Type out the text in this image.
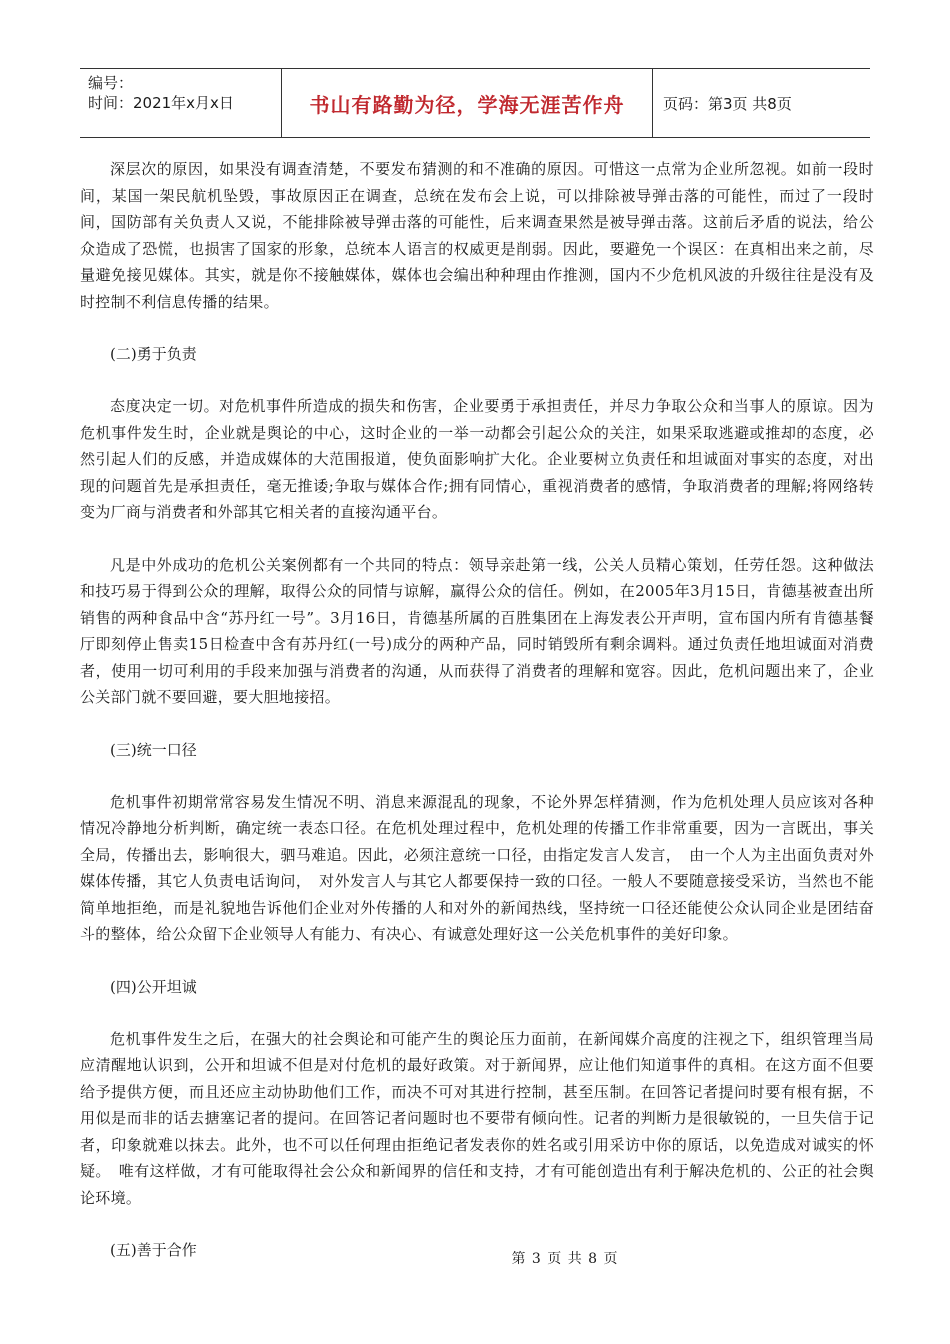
编号：
时间：2021年x月x日	书山有路勤为径，学海无涯苦作舟	页码：第3页 共8页

深层次的原因，如果没有调查清楚，不要发布猜测的和不准确的原因。可惜这一点常为企业所忽视。如前一段时间，某国一架民航机坠毁，事故原因正在调查，总统在发布会上说，可以排除被导弹击落的可能性，而过了一段时间，国防部有关负责人又说，不能排除被导弹击落的可能性，后来调查果然是被导弹击落。这前后矛盾的说法，给公众造成了恐慌，也损害了国家的形象，总统本人语言的权威更是削弱。因此，要避免一个误区：在真相出来之前，尽量避免接见媒体。其实，就是你不接触媒体，媒体也会编出种种理由作推测，国内不少危机风波的升级往往是没有及时控制不利信息传播的结果。

(二)勇于负责

态度决定一切。对危机事件所造成的损失和伤害，企业要勇于承担责任，并尽力争取公众和当事人的原谅。因为危机事件发生时，企业就是舆论的中心，这时企业的一举一动都会引起公众的关注，如果采取逃避或推却的态度，必然引起人们的反感，并造成媒体的大范围报道，使负面影响扩大化。企业要树立负责任和坦诚面对事实的态度，对出现的问题首先是承担责任，毫无推诿;争取与媒体合作;拥有同情心，重视消费者的感情，争取消费者的理解;将网络转变为厂商与消费者和外部其它相关者的直接沟通平台。

凡是中外成功的危机公关案例都有一个共同的特点：领导亲赴第一线，公关人员精心策划，任劳任怨。这种做法和技巧易于得到公众的理解，取得公众的同情与谅解，赢得公众的信任。例如，在2005年3月15日，肯德基被查出所销售的两种食品中含“苏丹红一号”。3月16日，肯德基所属的百胜集团在上海发表公开声明，宣布国内所有肯德基餐厅即刻停止售卖15日检查中含有苏丹红(一号)成分的两种产品，同时销毁所有剩余调料。通过负责任地坦诚面对消费者，使用一切可利用的手段来加强与消费者的沟通，从而获得了消费者的理解和宽容。因此，危机问题出来了，企业公关部门就不要回避，要大胆地接招。

(三)统一口径

危机事件初期常常容易发生情况不明、消息来源混乱的现象，不论外界怎样猜测，作为危机处理人员应该对各种情况冷静地分析判断，确定统一表态口径。在危机处理过程中，危机处理的传播工作非常重要，因为一言既出，事关全局，传播出去，影响很大，驷马难追。因此，必须注意统一口径，由指定发言人发言，　由一个人为主出面负责对外媒体传播，其它人负责电话询问，　对外发言人与其它人都要保持一致的口径。一般人不要随意接受采访，当然也不能简单地拒绝，而是礼貌地告诉他们企业对外传播的人和对外的新闻热线，坚持统一口径还能使公众认同企业是团结奋斗的整体，给公众留下企业领导人有能力、有决心、有诚意处理好这一公关危机事件的美好印象。

(四)公开坦诚

危机事件发生之后，在强大的社会舆论和可能产生的舆论压力面前，在新闻媒介高度的注视之下，组织管理当局应清醒地认识到，公开和坦诚不但是对付危机的最好政策。对于新闻界，应让他们知道事件的真相。在这方面不但要给予提供方便，而且还应主动协助他们工作，而决不可对其进行控制，甚至压制。在回答记者提问时要有根有据，不用似是而非的话去搪塞记者的提问。在回答记者问题时也不要带有倾向性。记者的判断力是很敏锐的，一旦失信于记者，印象就难以抹去。此外，也不可以任何理由拒绝记者发表你的姓名或引用采访中你的原话，以免造成对诚实的怀疑。　唯有这样做，才有可能取得社会公众和新闻界的信任和支持，才有可能创造出有利于解决危机的、公正的社会舆论环境。

(五)善于合作	第 3 页 共 8 页
